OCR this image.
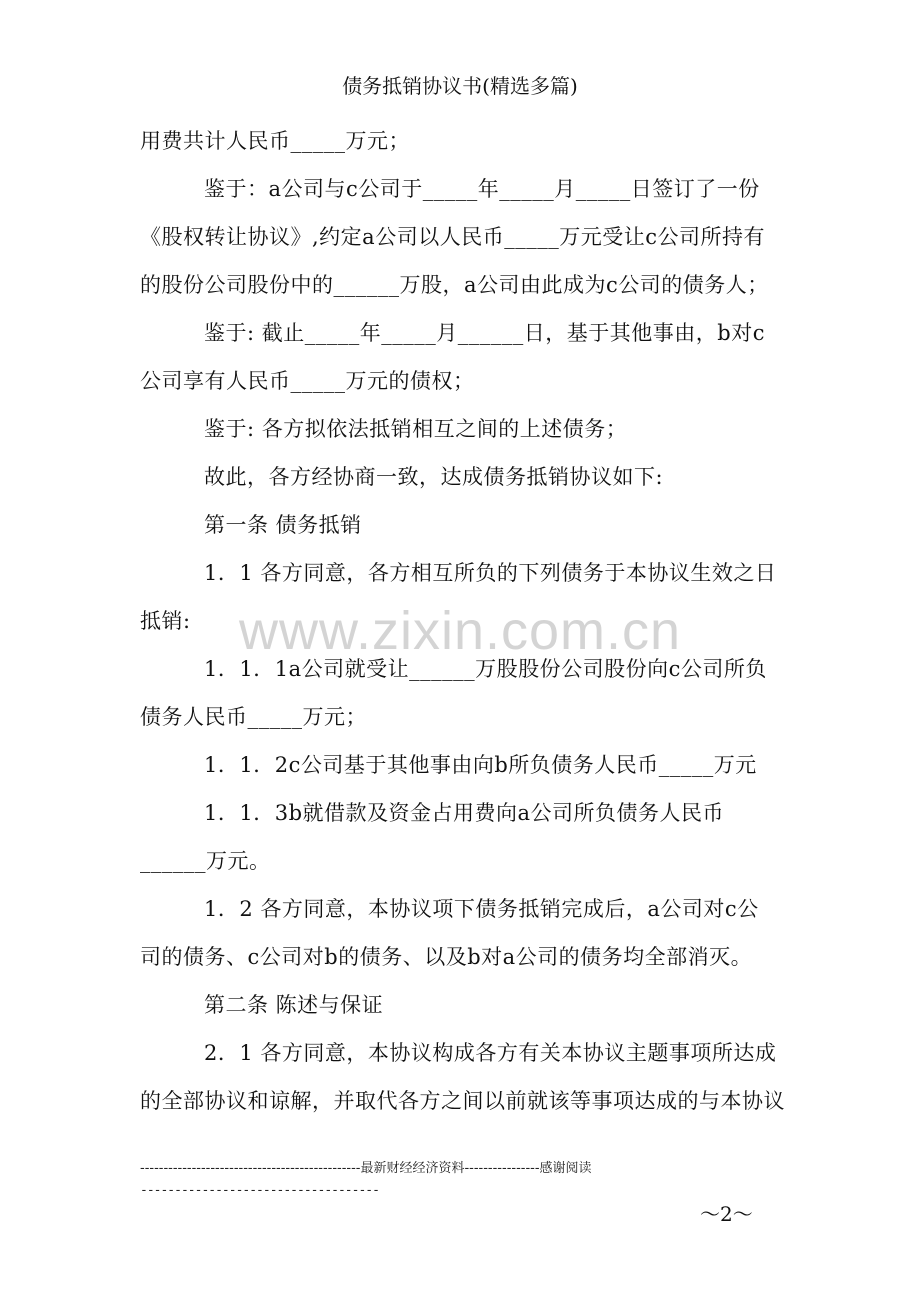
债务抵销协议书(精选多篇)
用费共计人民币_____万元；
鉴于：a公司与c公司于_____年_____月_____日签订了一份
《股权转让协议》,约定a公司以人民币_____万元受让c公司所持有
的股份公司股份中的______万股，a公司由此成为c公司的债务人；
鉴于: 截止_____年_____月______日，基于其他事由，b对c
公司享有人民币_____万元的债权；
鉴于: 各方拟依法抵销相互之间的上述债务；
故此，各方经协商一致，达成债务抵销协议如下:
第一条 债务抵销
1．1 各方同意，各方相互所负的下列债务于本协议生效之日
抵销:
1．1．1a公司就受让______万股股份公司股份向c公司所负
债务人民币_____万元；
1．1．2c公司基于其他事由向b所负债务人民币_____万元
1．1．3b就借款及资金占用费向a公司所负债务人民币
______万元。
1．2 各方同意，本协议项下债务抵销完成后，a公司对c公
司的债务、c公司对b的债务、以及b对a公司的债务均全部消灭。
第二条 陈述与保证
2．1 各方同意，本协议构成各方有关本协议主题事项所达成
的全部协议和谅解，并取代各方之间以前就该等事项达成的与本协议
www.zixin.com.cn
-----------------------------------------------最新财经经济资料----------------感谢阅读
-----------------------------------
～2～
